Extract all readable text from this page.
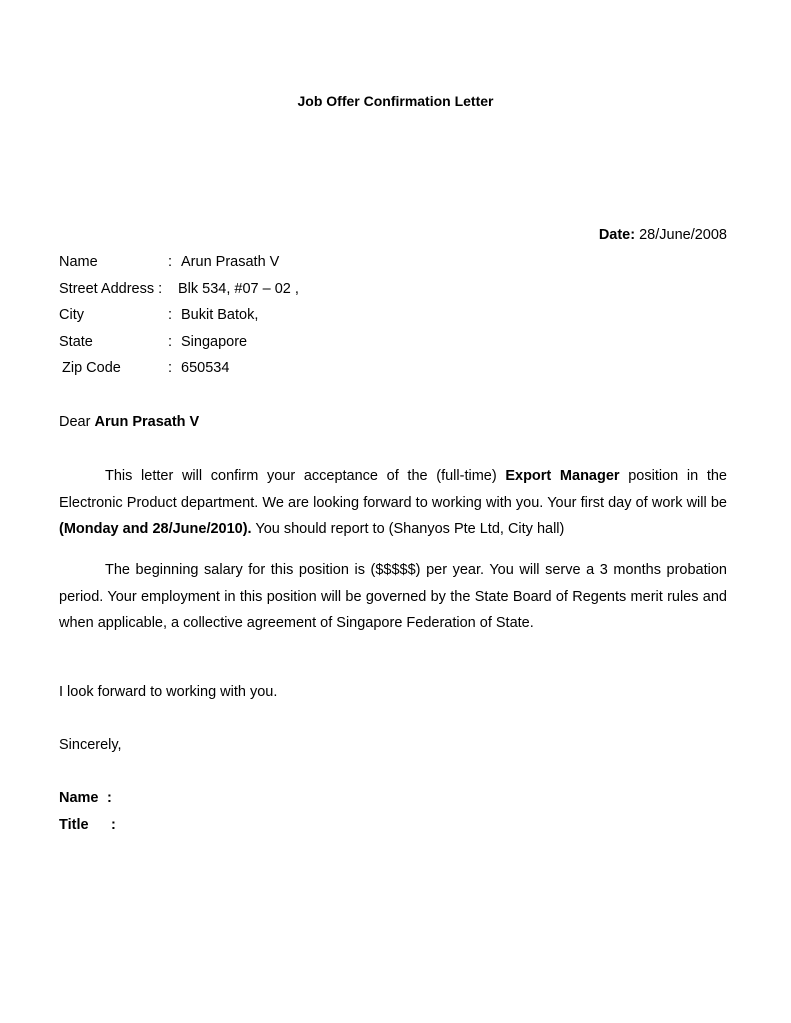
Job Offer Confirmation Letter
Date: 28/June/2008
Name	: Arun Prasath V
Street Address : Blk 534, #07 – 02 ,
City	: Bukit Batok,
State	: Singapore
Zip Code	: 650534
Dear Arun Prasath V
This letter will confirm your acceptance of the (full-time) Export Manager position in the Electronic Product department. We are looking forward to working with you. Your first day of work will be (Monday and 28/June/2010). You should report to (Shanyos Pte Ltd, City hall)
The beginning salary for this position is ($$$$$) per year. You will serve a 3 months probation period. Your employment in this position will be governed by the State Board of Regents merit rules and when applicable, a collective agreement of Singapore Federation of State.
I look forward to working with you.
Sincerely,
Name :
Title :
